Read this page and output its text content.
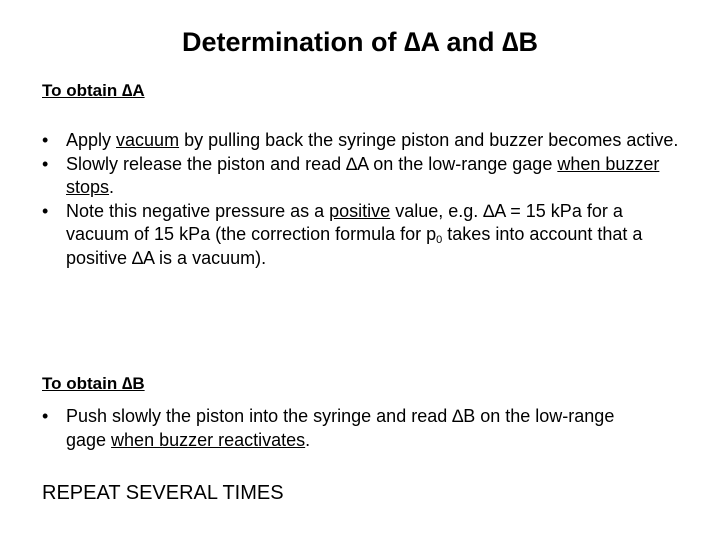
Determination of ∆A and ∆B
To obtain ∆A
• Apply vacuum by pulling back the syringe piston and buzzer becomes active.
• Slowly release the piston and read ∆A on the low-range gage when buzzer stops.
• Note this negative pressure as a positive value, e.g. ∆A = 15 kPa for a vacuum of 15 kPa (the correction formula for $p_0$ takes into account that a positive ∆A is a vacuum).
To obtain ∆B
• Push slowly the piston into the syringe and read ∆B on the low-range gage when buzzer reactivates.
REPEAT SEVERAL TIMES
